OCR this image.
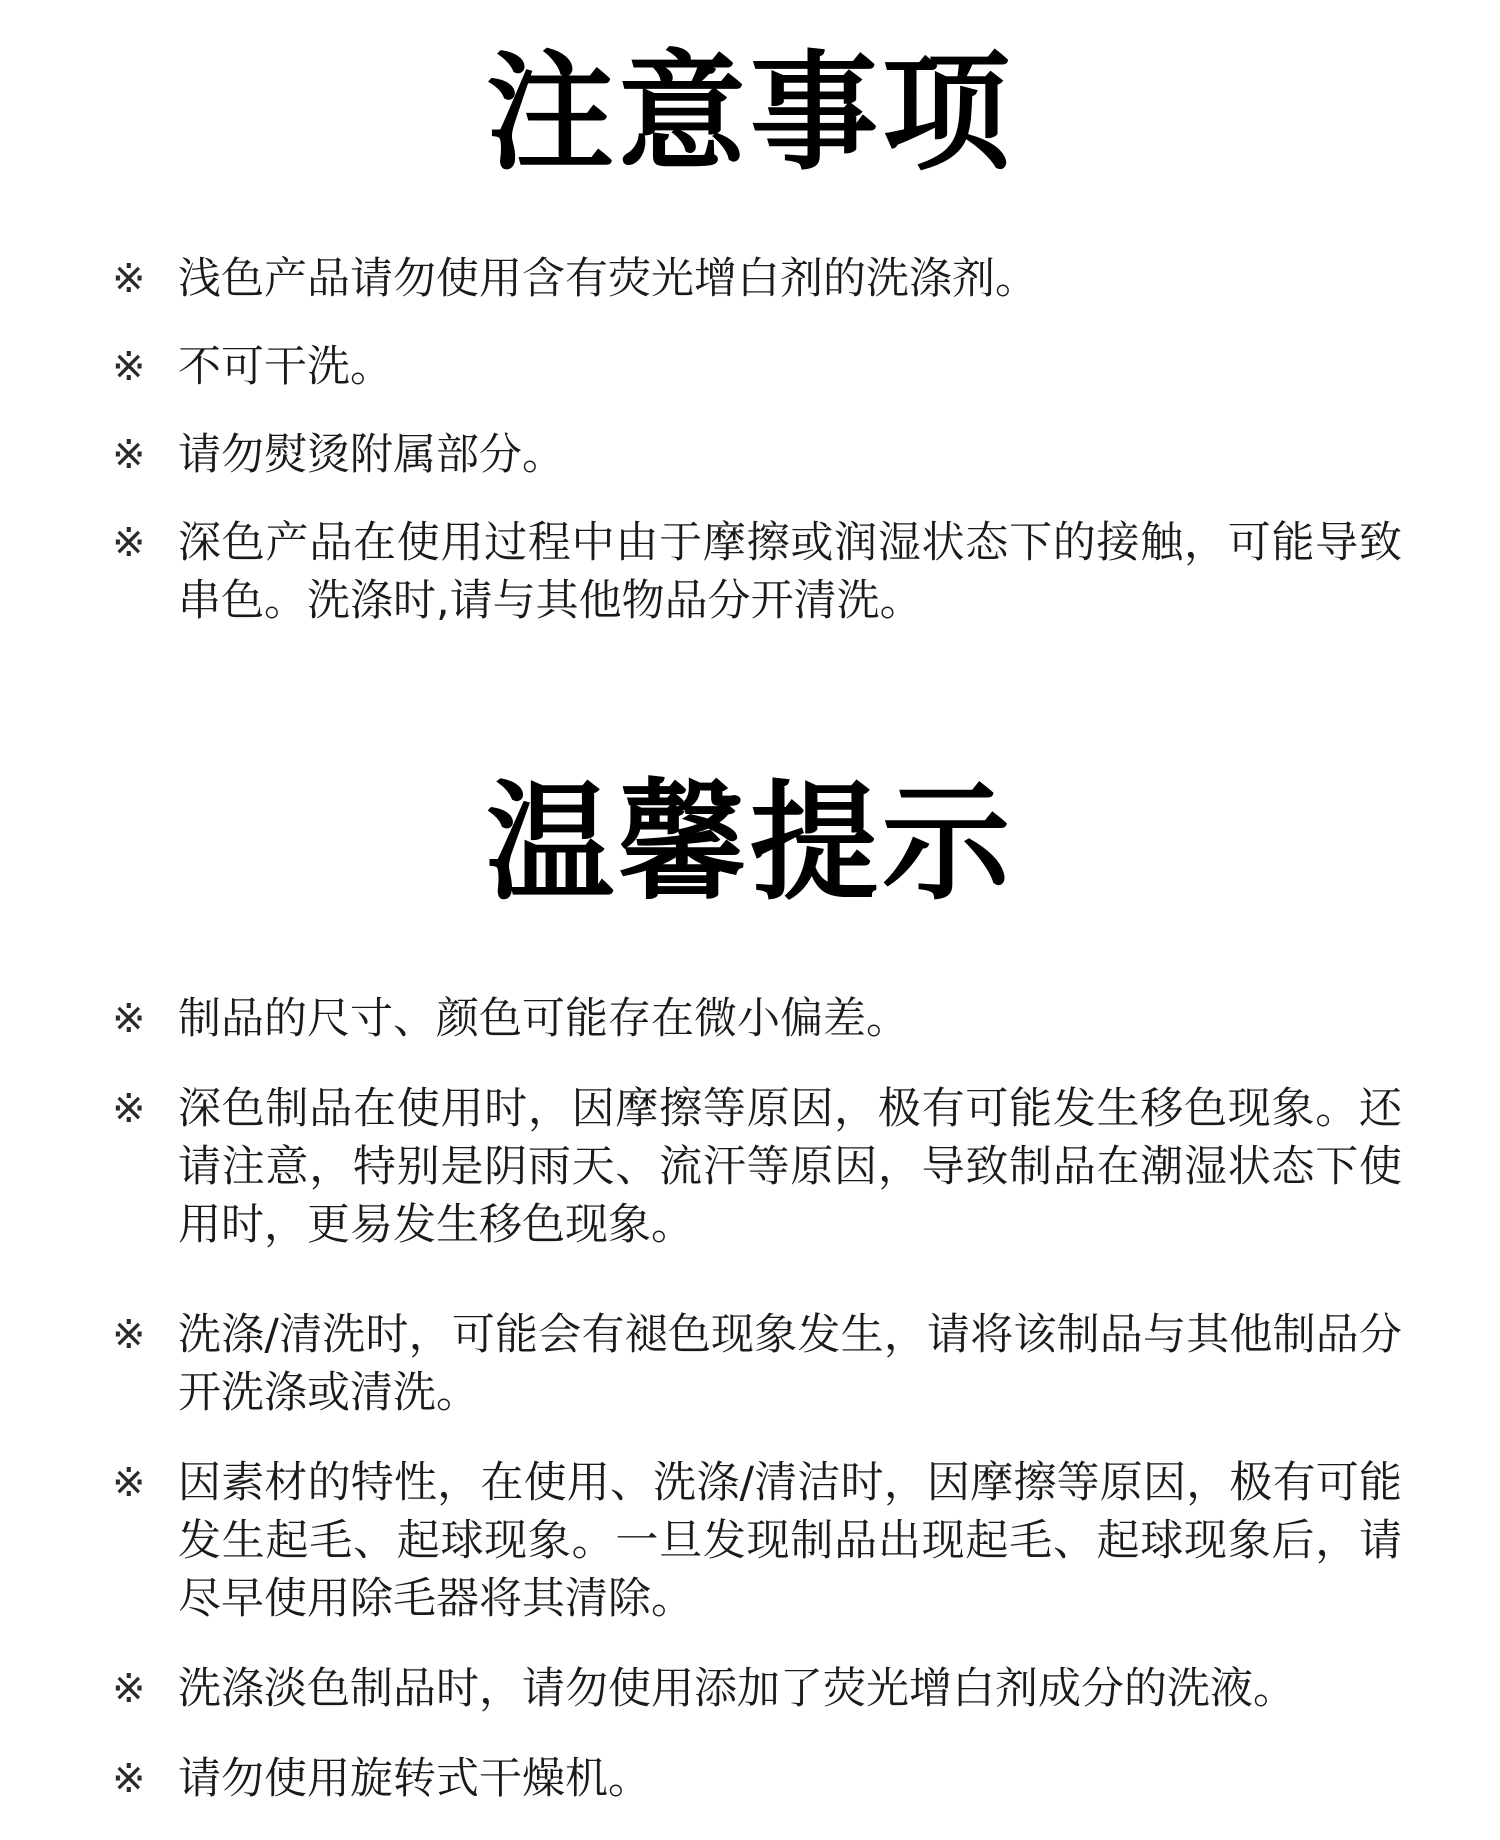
注意事项
※ 浅色产品请勿使用含有荧光增白剂的洗涤剂。
※ 不可干洗。
※ 请勿熨烫附属部分。
※ 深色产品在使用过程中由于摩擦或润湿状态下的接触，可能导致串色。洗涤时,请与其他物品分开清洗。
温馨提示
※ 制品的尺寸、颜色可能存在微小偏差。
※ 深色制品在使用时，因摩擦等原因，极有可能发生移色现象。还请注意，特别是阴雨天、流汗等原因，导致制品在潮湿状态下使用时，更易发生移色现象。
※ 洗涤/清洗时，可能会有褪色现象发生，请将该制品与其他制品分开洗涤或清洗。
※ 因素材的特性，在使用、洗涤/清洁时，因摩擦等原因，极有可能发生起毛、起球现象。一旦发现制品出现起毛、起球现象后，请尽早使用除毛器将其清除。
※ 洗涤淡色制品时，请勿使用添加了荧光增白剂成分的洗液。
※ 请勿使用旋转式干燥机。
